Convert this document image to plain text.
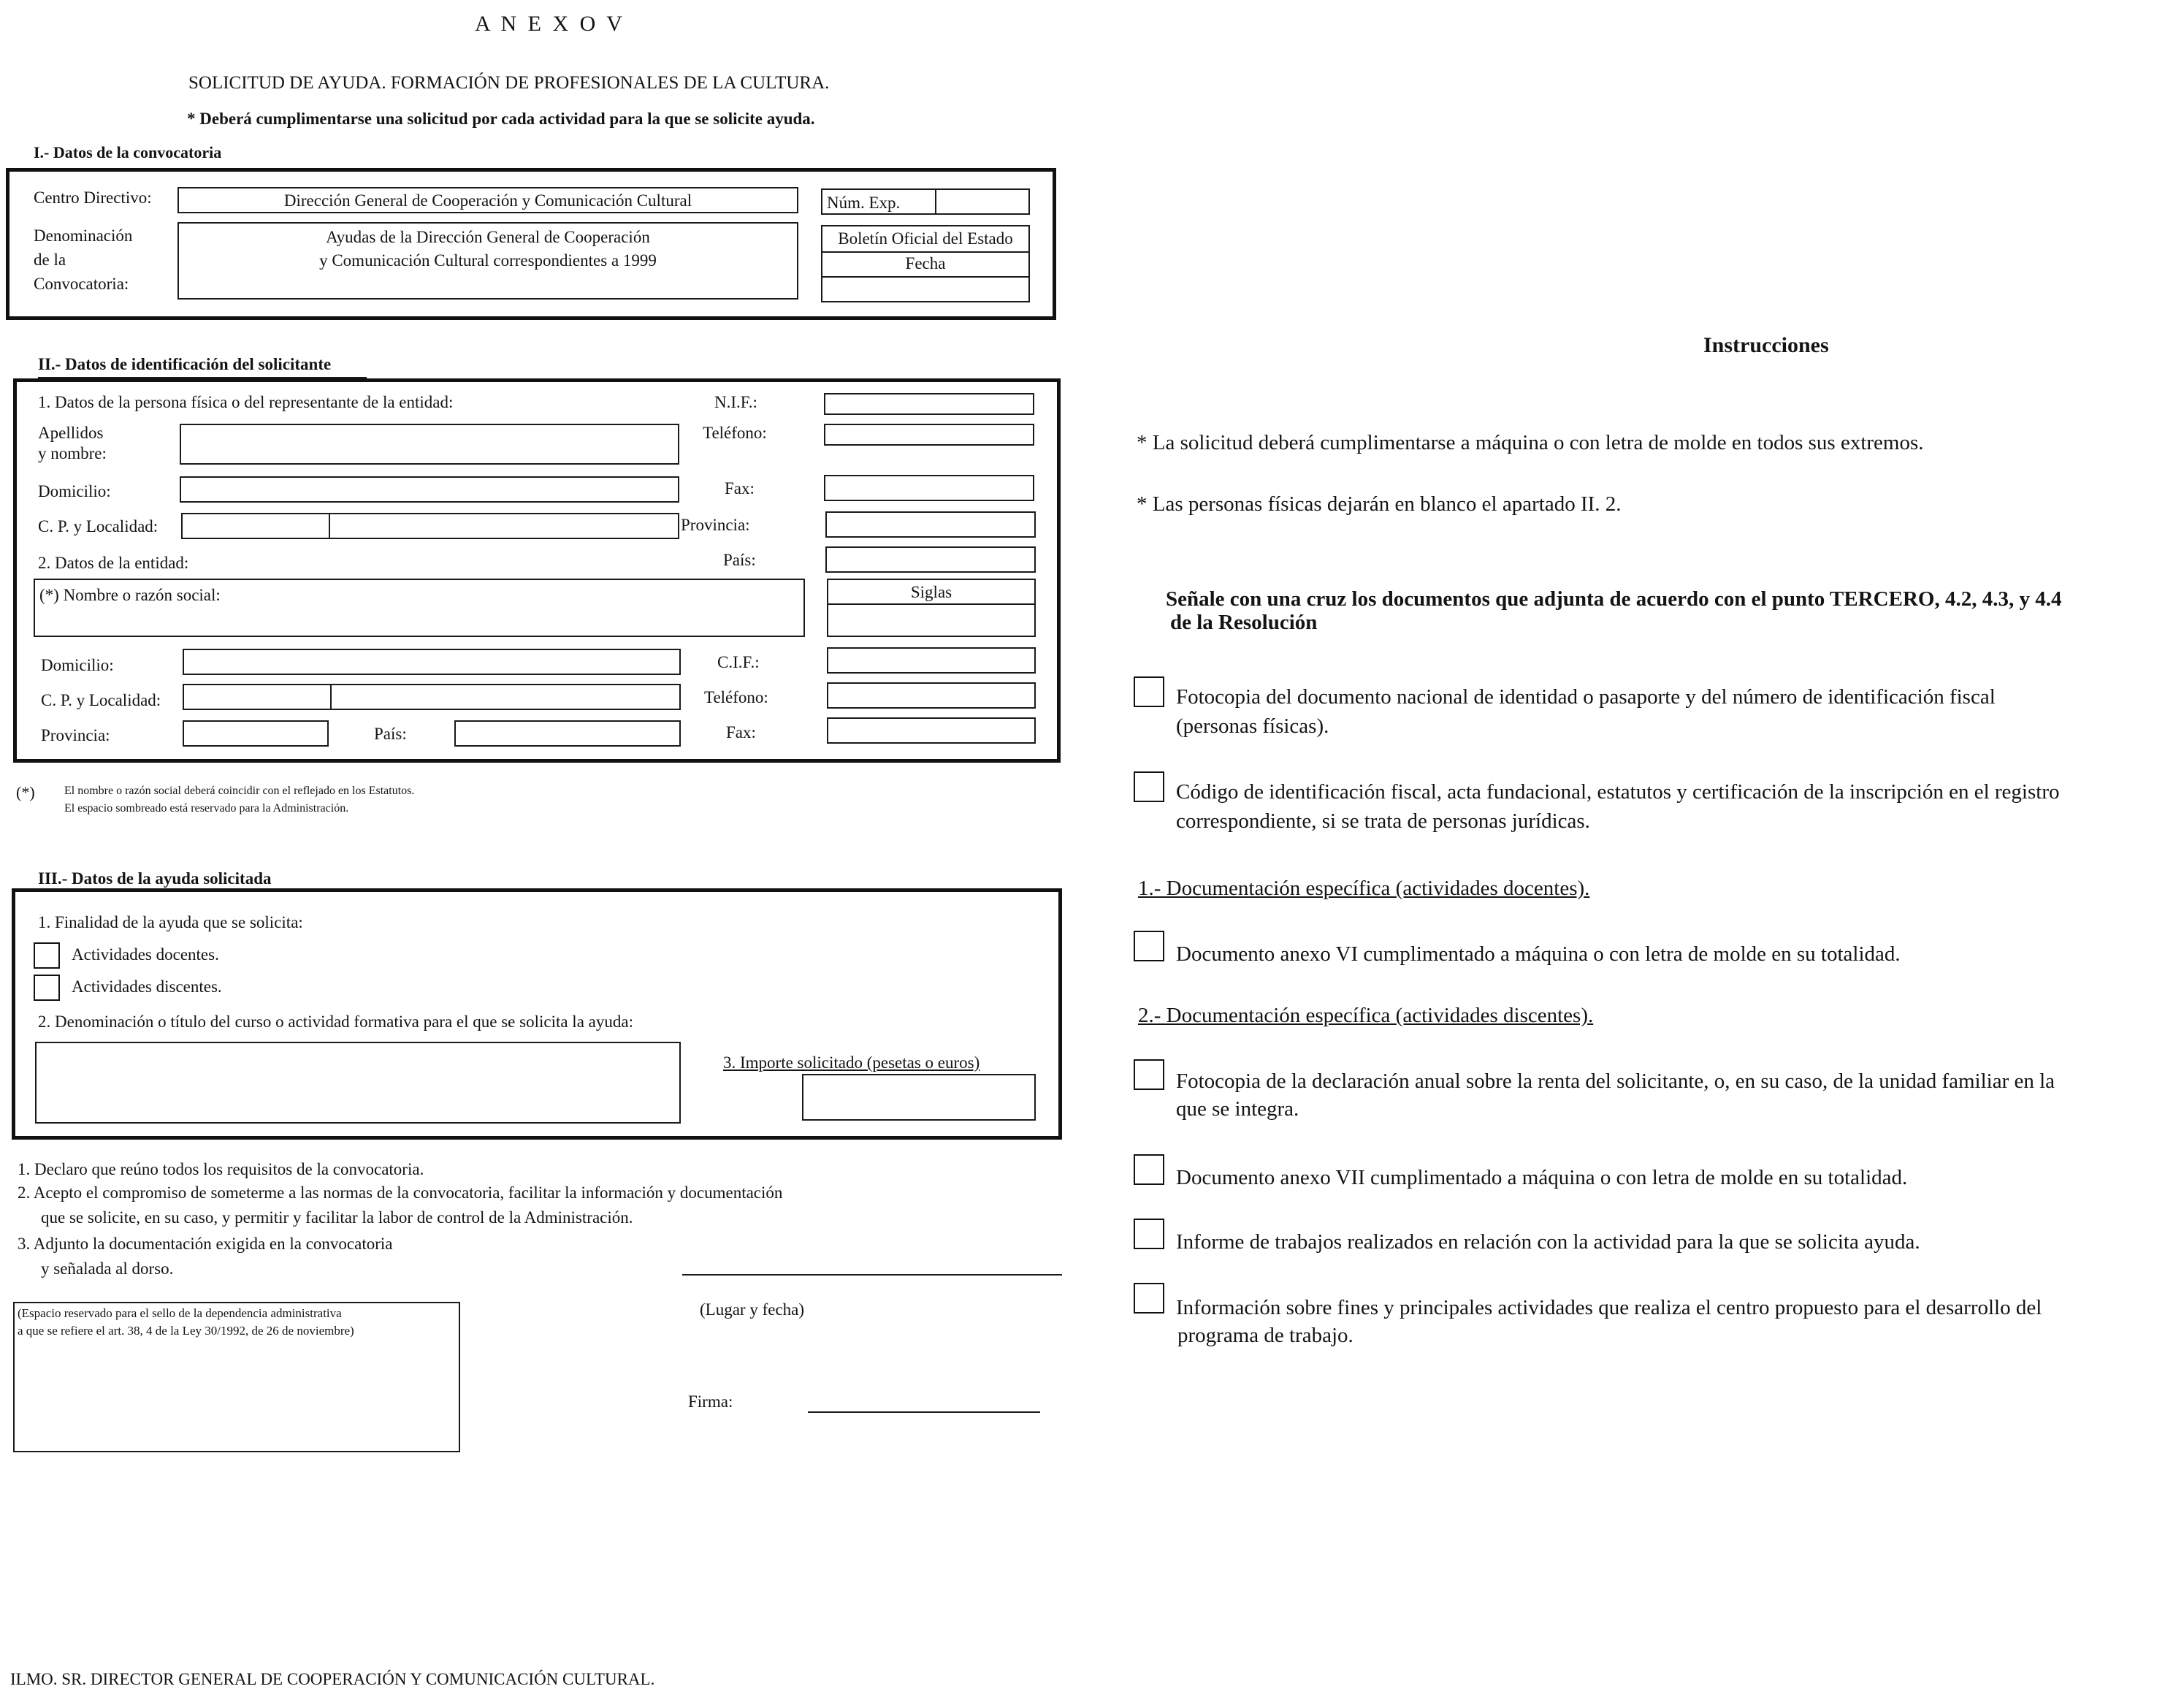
A N E X O V
SOLICITUD DE AYUDA. FORMACIÓN DE PROFESIONALES DE LA CULTURA.
* Deberá cumplimentarse una solicitud por cada actividad para la que se solicite ayuda.
I.- Datos de la convocatoria
Centro Directivo:	Dirección General de Cooperación y Comunicación Cultural
Denominación
de la
Convocatoria:
Ayudas de la Dirección General de Cooperación
y Comunicación Cultural correspondientes a 1999
Núm. Exp.
Boletín Oficial del Estado
Fecha
II.- Datos de identificación del solicitante
1. Datos de la persona física o del representante de la entidad:	N.I.F.:
Apellidos
y nombre:
Teléfono:
Domicilio:	Fax:
C. P. y Localidad:	Provincia:
2. Datos de la entidad:	País:
(*) Nombre o razón social:	Siglas
Domicilio:	C.I.F.:
C. P. y Localidad:	Teléfono:
Provincia:	País:	Fax:
(*)	El nombre o razón social deberá coincidir con el reflejado en los Estatutos.
El espacio sombreado está reservado para la Administración.
III.- Datos de la ayuda solicitada
1. Finalidad de la ayuda que se solicita:
Actividades docentes.
Actividades discentes.
2. Denominación o título del curso o actividad formativa para el que se solicita la ayuda:
3. Importe solicitado (pesetas o euros)
1. Declaro que reúno todos los requisitos de la convocatoria.
2. Acepto el compromiso de someterme a las normas de la convocatoria, facilitar la información y documentación
que se solicite, en su caso, y permitir y facilitar la labor de control de la Administración.
3. Adjunto la documentación exigida en la convocatoria
y señalada al dorso.
(Espacio reservado para el sello de la dependencia administrativa
a que se refiere el art. 38, 4 de la Ley 30/1992, de 26 de noviembre)
(Lugar y fecha)
Firma:
ILMO. SR. DIRECTOR GENERAL DE COOPERACIÓN Y COMUNICACIÓN CULTURAL.
Instrucciones
* La solicitud deberá cumplimentarse a máquina o con letra de molde en todos sus extremos.
* Las personas físicas dejarán en blanco el apartado II. 2.
Señale con una cruz los documentos que adjunta de acuerdo con el punto TERCERO, 4.2, 4.3, y 4.4
de la Resolución
Fotocopia del documento nacional de identidad o pasaporte y del número de identificación fiscal
(personas físicas).
Código de identificación fiscal, acta fundacional, estatutos y certificación de la inscripción en el registro
correspondiente, si se trata de personas jurídicas.
1.- Documentación específica (actividades docentes).
Documento anexo VI cumplimentado a máquina o con letra de molde en su totalidad.
2.- Documentación específica (actividades discentes).
Fotocopia de la declaración anual sobre la renta del solicitante, o, en su caso, de la unidad familiar en la
que se integra.
Documento anexo VII cumplimentado a máquina o con letra de molde en su totalidad.
Informe de trabajos realizados en relación con la actividad para la que se solicita ayuda.
Información sobre fines y principales actividades que realiza el centro propuesto para el desarrollo del
programa de trabajo.
